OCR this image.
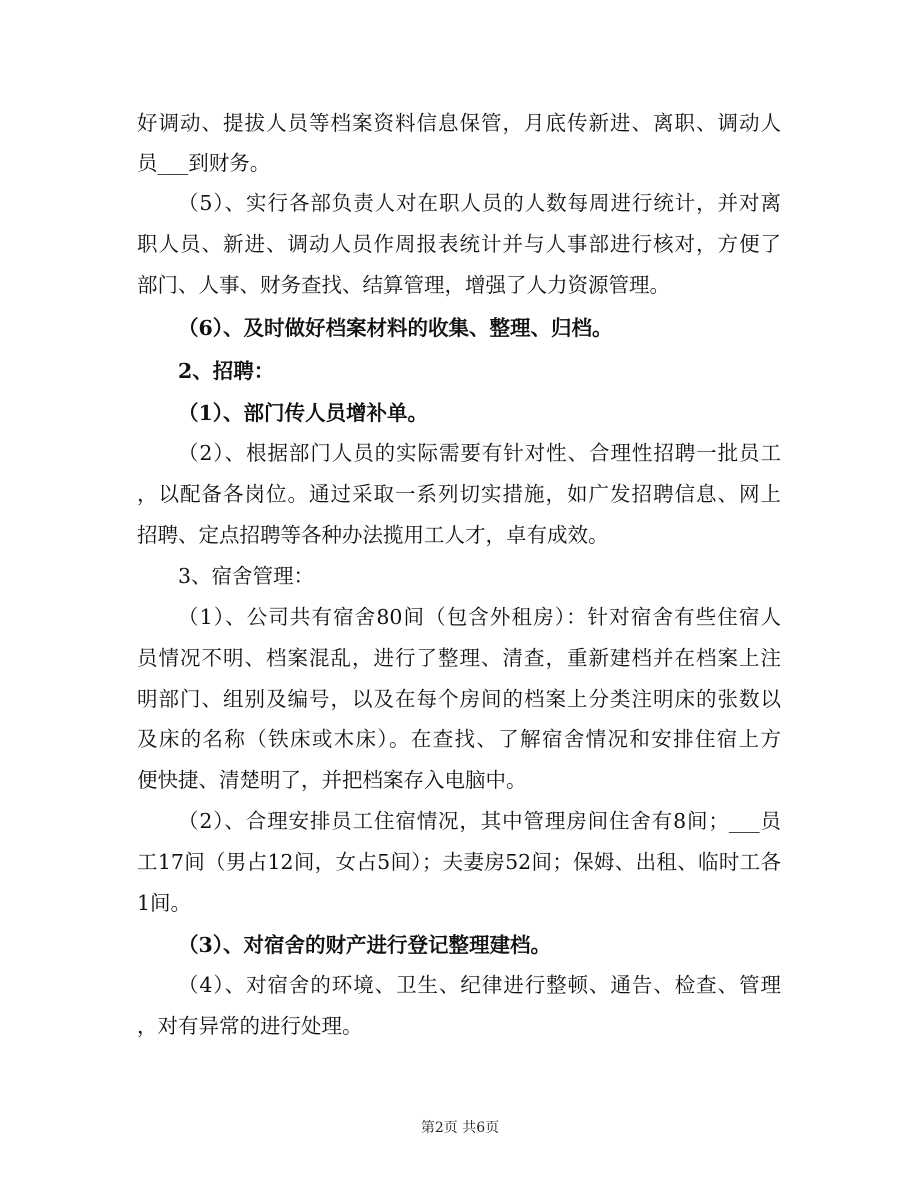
好调动、提拔人员等档案资料信息保管，月底传新进、离职、调动人
员___到财务。
（5）、实行各部负责人对在职人员的人数每周进行统计，并对离
职人员、新进、调动人员作周报表统计并与人事部进行核对，方便了
部门、人事、财务查找、结算管理，增强了人力资源管理。
（6）、及时做好档案材料的收集、整理、归档。
2、招聘：
（1）、部门传人员增补单。
（2）、根据部门人员的实际需要有针对性、合理性招聘一批员工
，以配备各岗位。通过采取一系列切实措施，如广发招聘信息、网上
招聘、定点招聘等各种办法揽用工人才，卓有成效。
3、宿舍管理：
（1）、公司共有宿舍80间（包含外租房）：针对宿舍有些住宿人
员情况不明、档案混乱，进行了整理、清查，重新建档并在档案上注
明部门、组别及编号，以及在每个房间的档案上分类注明床的张数以
及床的名称（铁床或木床）。在查找、了解宿舍情况和安排住宿上方
便快捷、清楚明了，并把档案存入电脑中。
（2）、合理安排员工住宿情况，其中管理房间住舍有8间；___员
工17间（男占12间，女占5间）；夫妻房52间；保姆、出租、临时工各
1间。
（3）、对宿舍的财产进行登记整理建档。
（4）、对宿舍的环境、卫生、纪律进行整顿、通告、检查、管理
，对有异常的进行处理。
第2页 共6页
